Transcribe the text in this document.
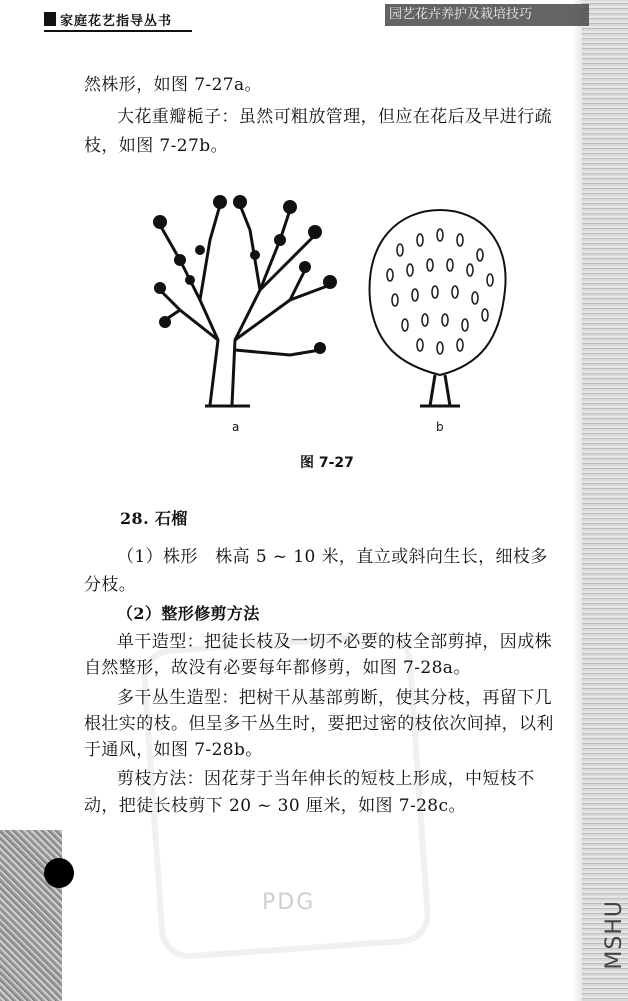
家庭花艺指导丛书	园艺花卉养护及栽培技巧
PDG
然株形，如图 7-27a。
大花重瓣栀子：虽然可粗放管理，但应在花后及早进行疏
枝，如图 7-27b。
a	b
图 7-27
28. 石榴
（1）株形　株高 5 ~ 10 米，直立或斜向生长，细枝多
分枝。
（2）整形修剪方法
单干造型：把徒长枝及一切不必要的枝全部剪掉，因成株
自然整形，故没有必要每年都修剪，如图 7-28a。
多干丛生造型：把树干从基部剪断，使其分枝，再留下几
根壮实的枝。但呈多干丛生时，要把过密的枝依次间掉，以利
于通风，如图 7-28b。
剪枝方法：因花芽于当年伸长的短枝上形成，中短枝不
动，把徒长枝剪下 20 ~ 30 厘米，如图 7-28c。
MSHU
